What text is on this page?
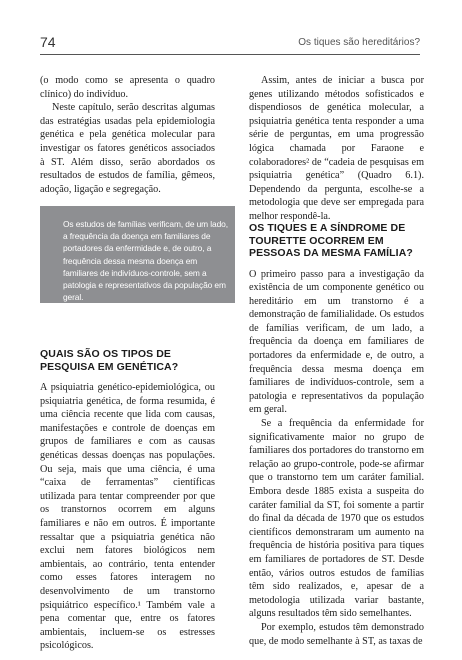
74	Os tiques são hereditários?

(o modo como se apresenta o quadro clínico) do indivíduo.

Neste capítulo, serão descritas algumas das estratégias usadas pela epidemiologia genética e pela genética molecular para investigar os fatores genéticos associados à ST. Além disso, serão abordados os resultados de estudos de família, gêmeos, adoção, ligação e segregação.

Os estudos de famílias verificam, de um lado, a frequência da doença em familiares de portadores da enfermidade e, de outro, a frequência dessa mesma doença em familiares de indivíduos-controle, sem a patologia e representativos da população em geral.

QUAIS SÃO OS TIPOS DE PESQUISA EM GENÉTICA?

A psiquiatria genético-epidemiológica, ou psiquiatria genética, de forma resumida, é uma ciência recente que lida com causas, manifestações e controle de doenças em grupos de familiares e com as causas genéticas dessas doenças nas populações. Ou seja, mais que uma ciência, é uma “caixa de ferramentas” científicas utilizada para tentar compreender por que os transtornos ocorrem em alguns familiares e não em outros. É importante ressaltar que a psiquiatria genética não exclui nem fatores biológicos nem ambientais, ao contrário, tenta entender como esses fatores interagem no desenvolvimento de um transtorno psiquiátrico específico.¹ Também vale a pena comentar que, entre os fatores ambientais, incluem-se os estresses psicológicos.

Assim, antes de iniciar a busca por genes utilizando métodos sofisticados e dispendiosos de genética molecular, a psiquiatria genética tenta responder a uma série de perguntas, em uma progressão lógica chamada por Faraone e colaboradores² de “cadeia de pesquisas em psiquiatria genética” (Quadro 6.1). Dependendo da pergunta, escolhe-se a metodologia que deve ser empregada para melhor respondê-la.

OS TIQUES E A SÍNDROME DE TOURETTE OCORREM EM PESSOAS DA MESMA FAMÍLIA?

O primeiro passo para a investigação da existência de um componente genético ou hereditário em um transtorno é a demonstração de familialidade. Os estudos de famílias verificam, de um lado, a frequência da doença em familiares de portadores da enfermidade e, de outro, a frequência dessa mesma doença em familiares de indivíduos-controle, sem a patologia e representativos da população em geral.

Se a frequência da enfermidade for significativamente maior no grupo de familiares dos portadores do transtorno em relação ao grupo-controle, pode-se afirmar que o transtorno tem um caráter familial. Embora desde 1885 exista a suspeita do caráter familial da ST, foi somente a partir do final da década de 1970 que os estudos científicos demonstraram um aumento na frequência de história positiva para tiques em familiares de portadores de ST. Desde então, vários outros estudos de famílias têm sido realizados, e, apesar de a metodologia utilizada variar bastante, alguns resultados têm sido semelhantes.

Por exemplo, estudos têm demonstrado que, de modo semelhante à ST, as taxas de
